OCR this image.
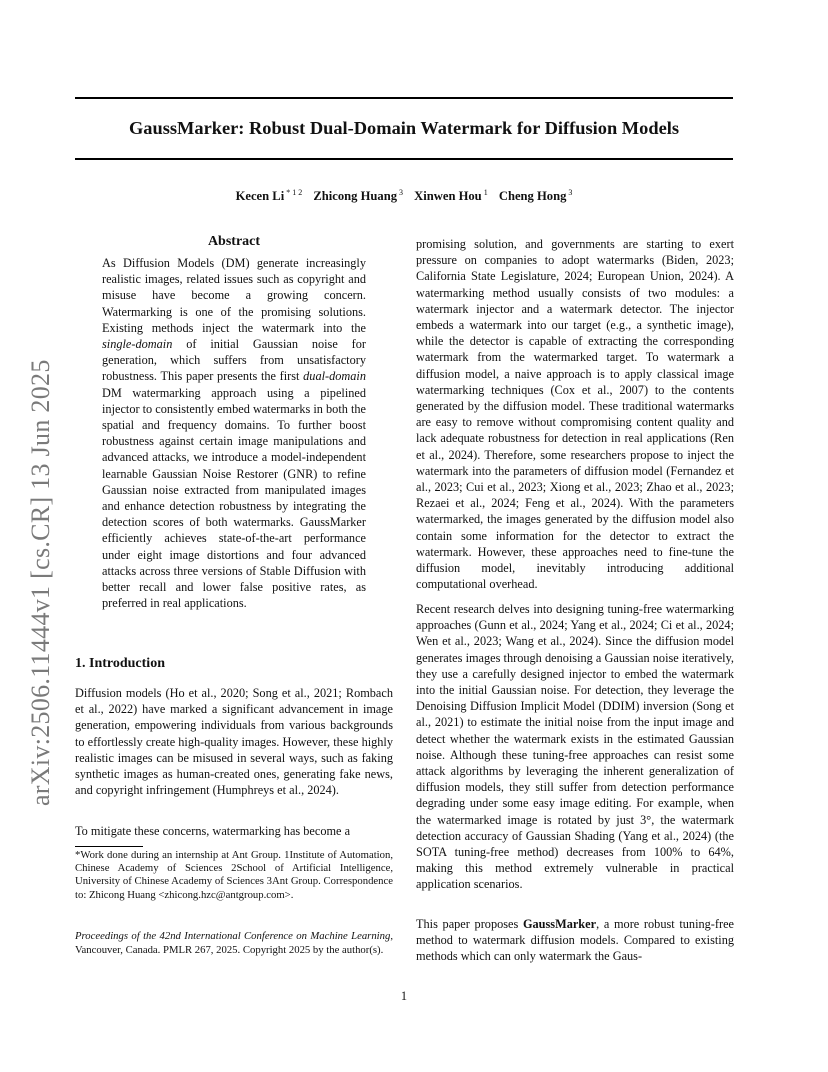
GaussMarker: Robust Dual-Domain Watermark for Diffusion Models
Kecen Li $^{* 1 2}$ Zhicong Huang $^3$ Xinwen Hou $^1$ Cheng Hong $^3$
arXiv:2506.11444v1 [cs.CR] 13 Jun 2025
Abstract

As Diffusion Models (DM) generate increasingly realistic images, related issues such as copyright and misuse have become a growing concern. Watermarking is one of the promising solutions. Existing methods inject the watermark into the single-domain of initial Gaussian noise for generation, which suffers from unsatisfactory robustness. This paper presents the first dual-domain DM watermarking approach using a pipelined injector to consistently embed watermarks in both the spatial and frequency domains. To further boost robustness against certain image manipulations and advanced attacks, we introduce a model-independent learnable Gaussian Noise Restorer (GNR) to refine Gaussian noise extracted from manipulated images and enhance detection robustness by integrating the detection scores of both watermarks. GaussMarker efficiently achieves state-of-the-art performance under eight image distortions and four advanced attacks across three versions of Stable Diffusion with better recall and lower false positive rates, as preferred in real applications.

1. Introduction

Diffusion models (Ho et al., 2020; Song et al., 2021; Rombach et al., 2022) have marked a significant advancement in image generation, empowering individuals from various backgrounds to effortlessly create high-quality images. However, these highly realistic images can be misused in several ways, such as faking synthetic images as human-created ones, generating fake news, and copyright infringement (Humphreys et al., 2024).

To mitigate these concerns, watermarking has become a

*Work done during an internship at Ant Group. 1Institute of Automation, Chinese Academy of Sciences 2School of Artificial Intelligence, University of Chinese Academy of Sciences 3Ant Group. Correspondence to: Zhicong Huang <zhicong.hzc@antgroup.com>.

Proceedings of the 42nd International Conference on Machine Learning, Vancouver, Canada. PMLR 267, 2025. Copyright 2025 by the author(s).

promising solution, and governments are starting to exert pressure on companies to adopt watermarks (Biden, 2023; California State Legislature, 2024; European Union, 2024). A watermarking method usually consists of two modules: a watermark injector and a watermark detector. The injector embeds a watermark into our target (e.g., a synthetic image), while the detector is capable of extracting the corresponding watermark from the watermarked target. To watermark a diffusion model, a naive approach is to apply classical image watermarking techniques (Cox et al., 2007) to the contents generated by the diffusion model. These traditional watermarks are easy to remove without compromising content quality and lack adequate robustness for detection in real applications (Ren et al., 2024). Therefore, some researchers propose to inject the watermark into the parameters of diffusion model (Fernandez et al., 2023; Cui et al., 2023; Xiong et al., 2023; Zhao et al., 2023; Rezaei et al., 2024; Feng et al., 2024). With the parameters watermarked, the images generated by the diffusion model also contain some information for the detector to extract the watermark. However, these approaches need to fine-tune the diffusion model, inevitably introducing additional computational overhead.

Recent research delves into designing tuning-free watermarking approaches (Gunn et al., 2024; Yang et al., 2024; Ci et al., 2024; Wen et al., 2023; Wang et al., 2024). Since the diffusion model generates images through denoising a Gaussian noise iteratively, they use a carefully designed injector to embed the watermark into the initial Gaussian noise. For detection, they leverage the Denoising Diffusion Implicit Model (DDIM) inversion (Song et al., 2021) to estimate the initial noise from the input image and detect whether the watermark exists in the estimated Gaussian noise. Although these tuning-free approaches can resist some attack algorithms by leveraging the inherent generalization of diffusion models, they still suffer from detection performance degrading under some easy image editing. For example, when the watermarked image is rotated by just 3°, the watermark detection accuracy of Gaussian Shading (Yang et al., 2024) (the SOTA tuning-free method) decreases from 100% to 64%, making this method extremely vulnerable in practical application scenarios.

This paper proposes GaussMarker, a more robust tuning-free method to watermark diffusion models. Compared to existing methods which can only watermark the Gaus-

1
